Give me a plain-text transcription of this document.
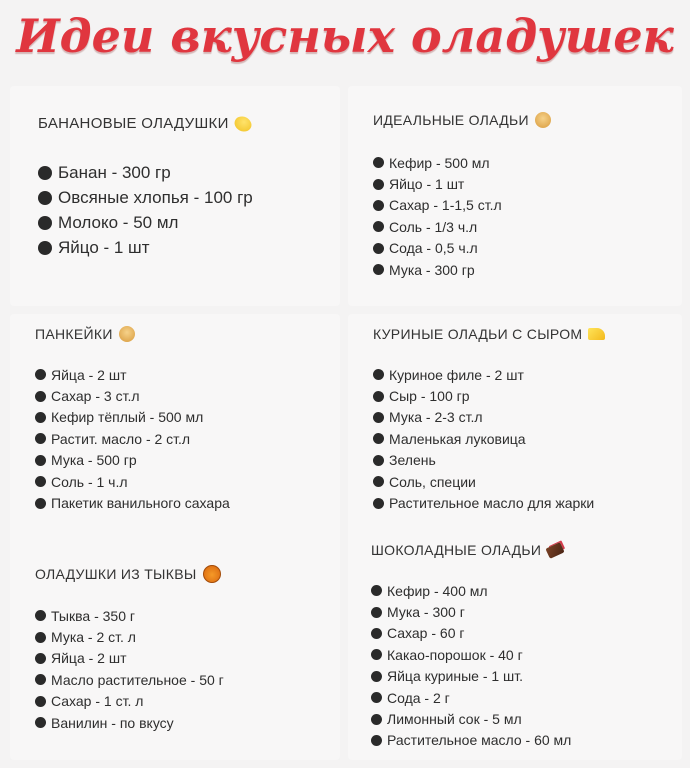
Идеи вкусных оладушек
БАНАНОВЫЕ ОЛАДУШКИ
Банан - 300 гр
Овсяные хлопья - 100 гр
Молоко - 50 мл
Яйцо - 1 шт
ИДЕАЛЬНЫЕ ОЛАДЬИ
Кефир - 500 мл
Яйцо - 1 шт
Сахар - 1-1,5 ст.л
Соль - 1/3 ч.л
Сода - 0,5 ч.л
Мука - 300 гр
ПАНКЕЙКИ
Яйца - 2 шт
Сахар - 3 ст.л
Кефир тёплый - 500 мл
Растит. масло - 2 ст.л
Мука - 500 гр
Соль - 1 ч.л
Пакетик ванильного сахара
КУРИНЫЕ ОЛАДЬИ С СЫРОМ
Куриное филе - 2 шт
Сыр - 100 гр
Мука - 2-3 ст.л
Маленькая луковица
Зелень
Соль, специи
Растительное масло для жарки
ОЛАДУШКИ ИЗ ТЫКВЫ
Тыква - 350 г
Мука - 2 ст. л
Яйца - 2 шт
Масло растительное - 50 г
Сахар - 1 ст. л
Ванилин - по вкусу
ШОКОЛАДНЫЕ ОЛАДЬИ
Кефир - 400 мл
Мука - 300 г
Сахар - 60 г
Какао-порошок - 40 г
Яйца куриные - 1 шт.
Сода - 2 г
Лимонный сок - 5 мл
Растительное масло - 60 мл
